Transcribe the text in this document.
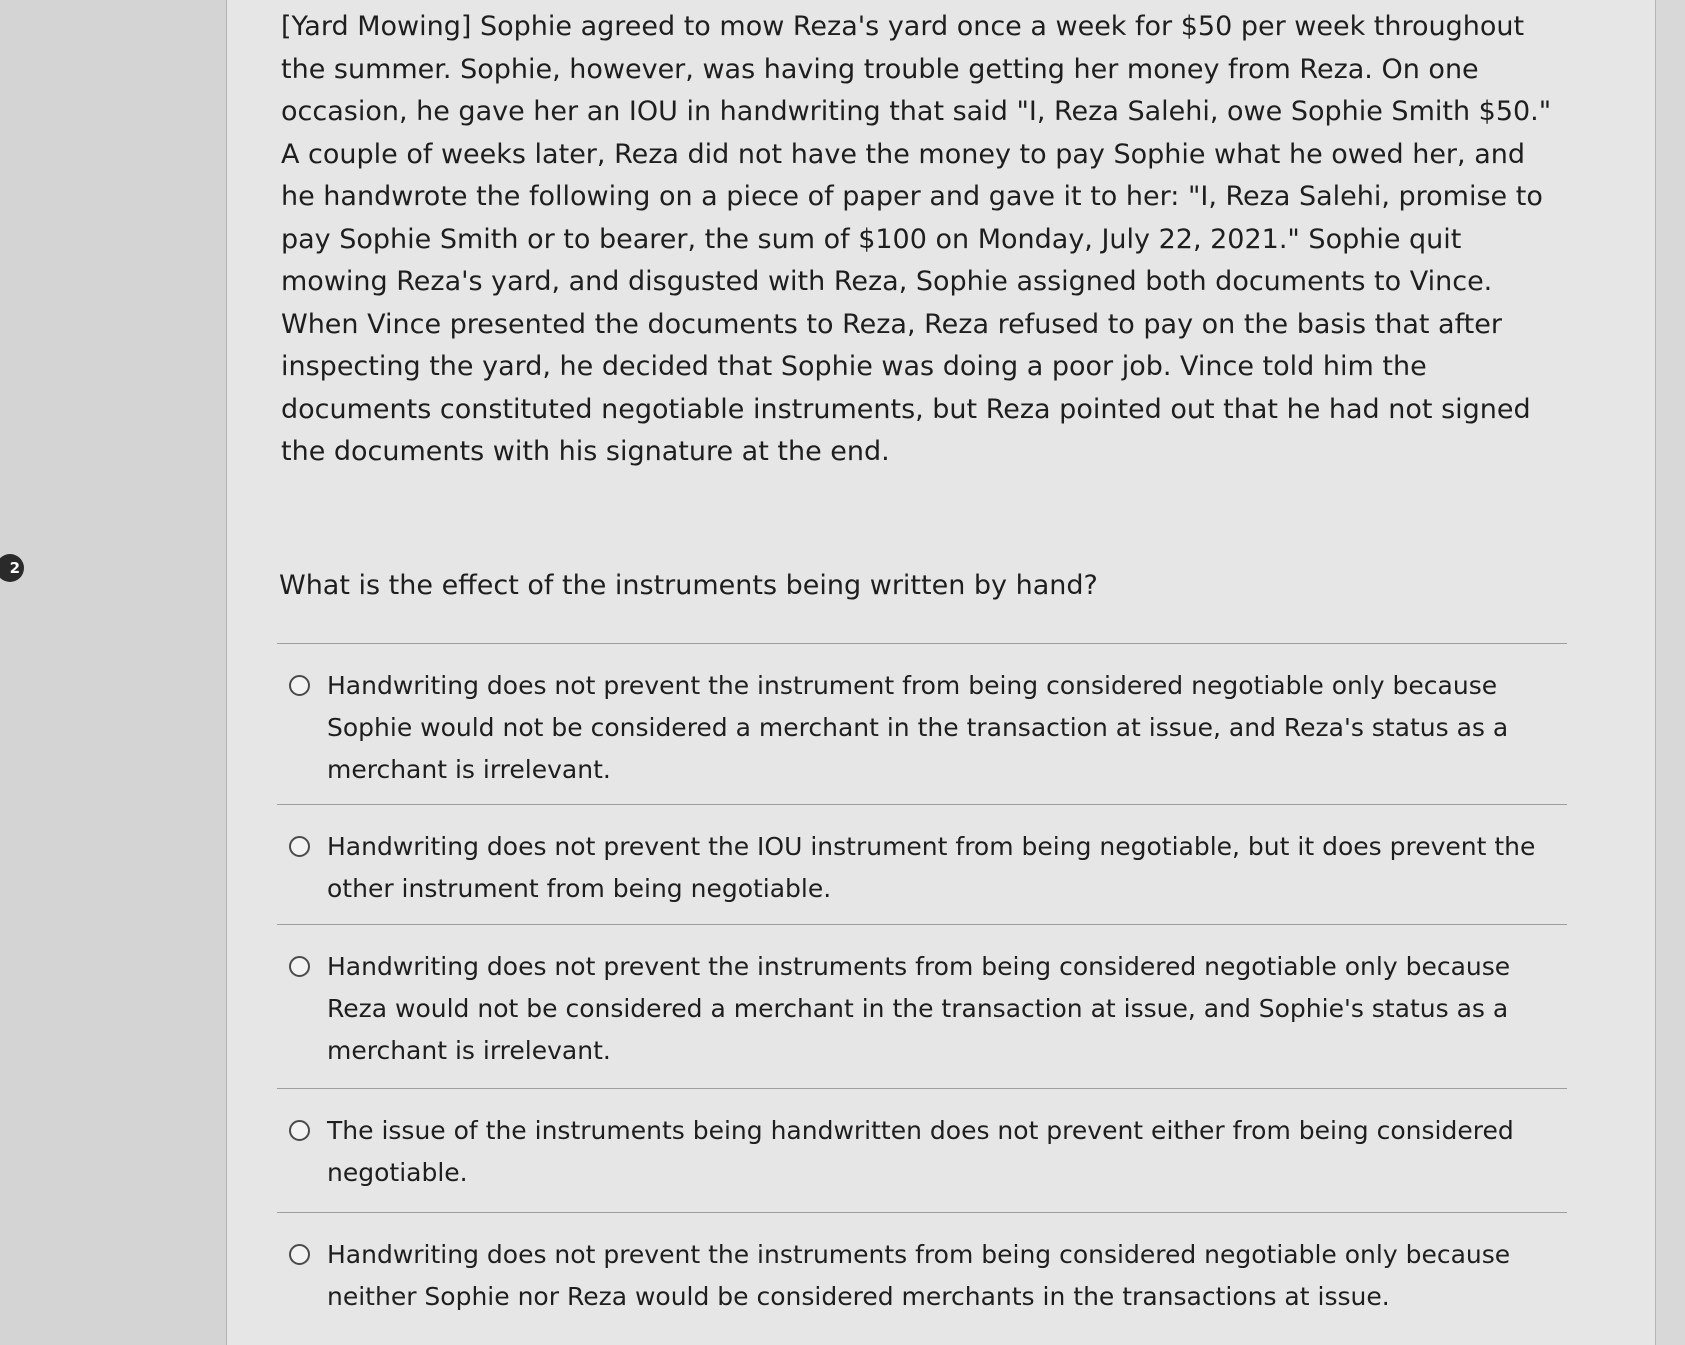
2

[Yard Mowing] Sophie agreed to mow Reza's yard once a week for $50 per week throughout the summer. Sophie, however, was having trouble getting her money from Reza. On one occasion, he gave her an IOU in handwriting that said "I, Reza Salehi, owe Sophie Smith $50." A couple of weeks later, Reza did not have the money to pay Sophie what he owed her, and he handwrote the following on a piece of paper and gave it to her: "I, Reza Salehi, promise to pay Sophie Smith or to bearer, the sum of $100 on Monday, July 22, 2021." Sophie quit mowing Reza's yard, and disgusted with Reza, Sophie assigned both documents to Vince. When Vince presented the documents to Reza, Reza refused to pay on the basis that after inspecting the yard, he decided that Sophie was doing a poor job. Vince told him the documents constituted negotiable instruments, but Reza pointed out that he had not signed the documents with his signature at the end.

What is the effect of the instruments being written by hand?

Handwriting does not prevent the instrument from being considered negotiable only because Sophie would not be considered a merchant in the transaction at issue, and Reza's status as a merchant is irrelevant.
Handwriting does not prevent the IOU instrument from being negotiable, but it does prevent the other instrument from being negotiable.
Handwriting does not prevent the instruments from being considered negotiable only because Reza would not be considered a merchant in the transaction at issue, and Sophie's status as a merchant is irrelevant.
The issue of the instruments being handwritten does not prevent either from being considered negotiable.
Handwriting does not prevent the instruments from being considered negotiable only because neither Sophie nor Reza would be considered merchants in the transactions at issue.
